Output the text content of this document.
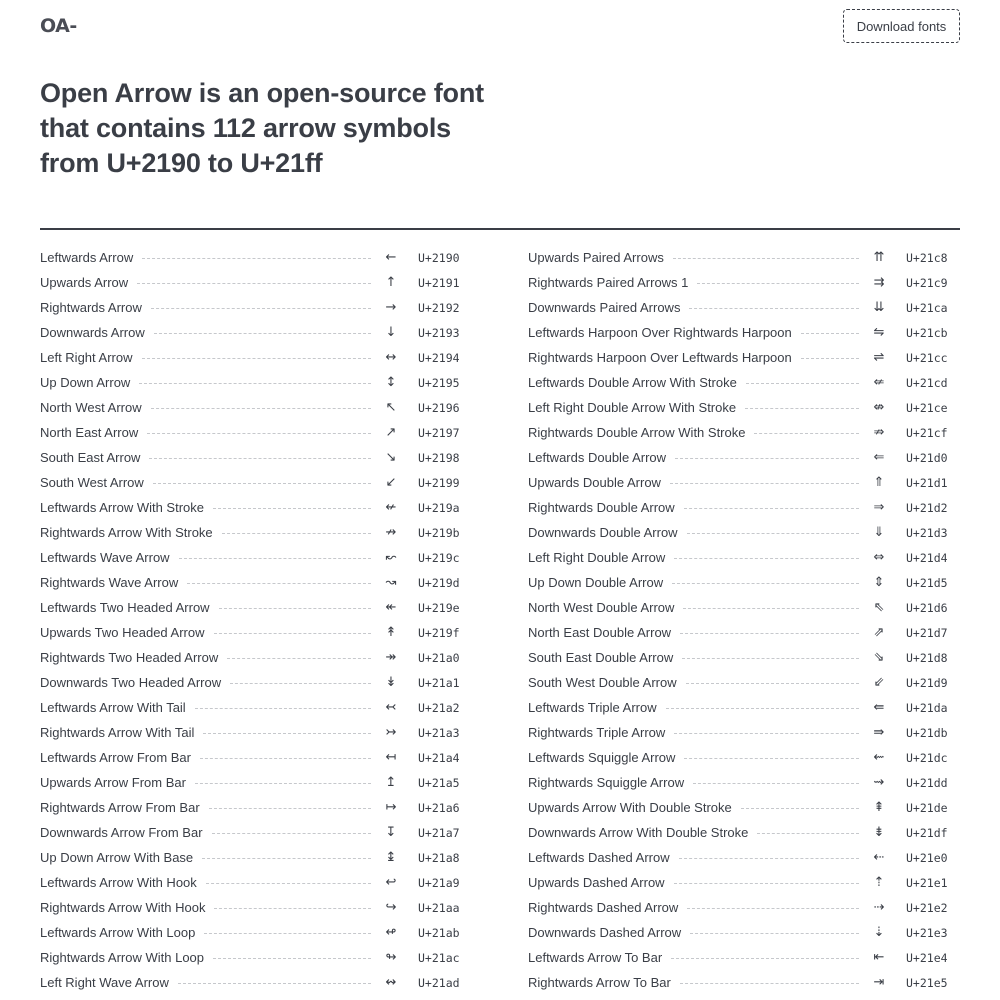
OA-	Download fonts
Open Arrow is an open-source font that contains 112 arrow symbols from U+2190 to U+21ff
Leftwards Arrow	←	U+2190
Upwards Arrow	↑	U+2191
Rightwards Arrow	→	U+2192
Downwards Arrow	↓	U+2193
Left Right Arrow	↔	U+2194
Up Down Arrow	↕	U+2195
North West Arrow	↖	U+2196
North East Arrow	↗	U+2197
South East Arrow	↘	U+2198
South West Arrow	↙	U+2199
Leftwards Arrow With Stroke	↚	U+219a
Rightwards Arrow With Stroke	↛	U+219b
Leftwards Wave Arrow	↜	U+219c
Rightwards Wave Arrow	↝	U+219d
Leftwards Two Headed Arrow	↞	U+219e
Upwards Two Headed Arrow	↟	U+219f
Rightwards Two Headed Arrow	↠	U+21a0
Downwards Two Headed Arrow	↡	U+21a1
Leftwards Arrow With Tail	↢	U+21a2
Rightwards Arrow With Tail	↣	U+21a3
Leftwards Arrow From Bar	↤	U+21a4
Upwards Arrow From Bar	↥	U+21a5
Rightwards Arrow From Bar	↦	U+21a6
Downwards Arrow From Bar	↧	U+21a7
Up Down Arrow With Base	↨	U+21a8
Leftwards Arrow With Hook	↩	U+21a9
Rightwards Arrow With Hook	↪	U+21aa
Leftwards Arrow With Loop	↫	U+21ab
Rightwards Arrow With Loop	↬	U+21ac
Left Right Wave Arrow	↭	U+21ad
Upwards Paired Arrows	⇈	U+21c8
Rightwards Paired Arrows 1	⇉	U+21c9
Downwards Paired Arrows	⇊	U+21ca
Leftwards Harpoon Over Rightwards Harpoon	⇋	U+21cb
Rightwards Harpoon Over Leftwards Harpoon	⇌	U+21cc
Leftwards Double Arrow With Stroke	⇍	U+21cd
Left Right Double Arrow With Stroke	⇎	U+21ce
Rightwards Double Arrow With Stroke	⇏	U+21cf
Leftwards Double Arrow	⇐	U+21d0
Upwards Double Arrow	⇑	U+21d1
Rightwards Double Arrow	⇒	U+21d2
Downwards Double Arrow	⇓	U+21d3
Left Right Double Arrow	⇔	U+21d4
Up Down Double Arrow	⇕	U+21d5
North West Double Arrow	⇖	U+21d6
North East Double Arrow	⇗	U+21d7
South East Double Arrow	⇘	U+21d8
South West Double Arrow	⇙	U+21d9
Leftwards Triple Arrow	⇚	U+21da
Rightwards Triple Arrow	⇛	U+21db
Leftwards Squiggle Arrow	⇜	U+21dc
Rightwards Squiggle Arrow	⇝	U+21dd
Upwards Arrow With Double Stroke	⇞	U+21de
Downwards Arrow With Double Stroke	⇟	U+21df
Leftwards Dashed Arrow	⇠	U+21e0
Upwards Dashed Arrow	⇡	U+21e1
Rightwards Dashed Arrow	⇢	U+21e2
Downwards Dashed Arrow	⇣	U+21e3
Leftwards Arrow To Bar	⇤	U+21e4
Rightwards Arrow To Bar	⇥	U+21e5
